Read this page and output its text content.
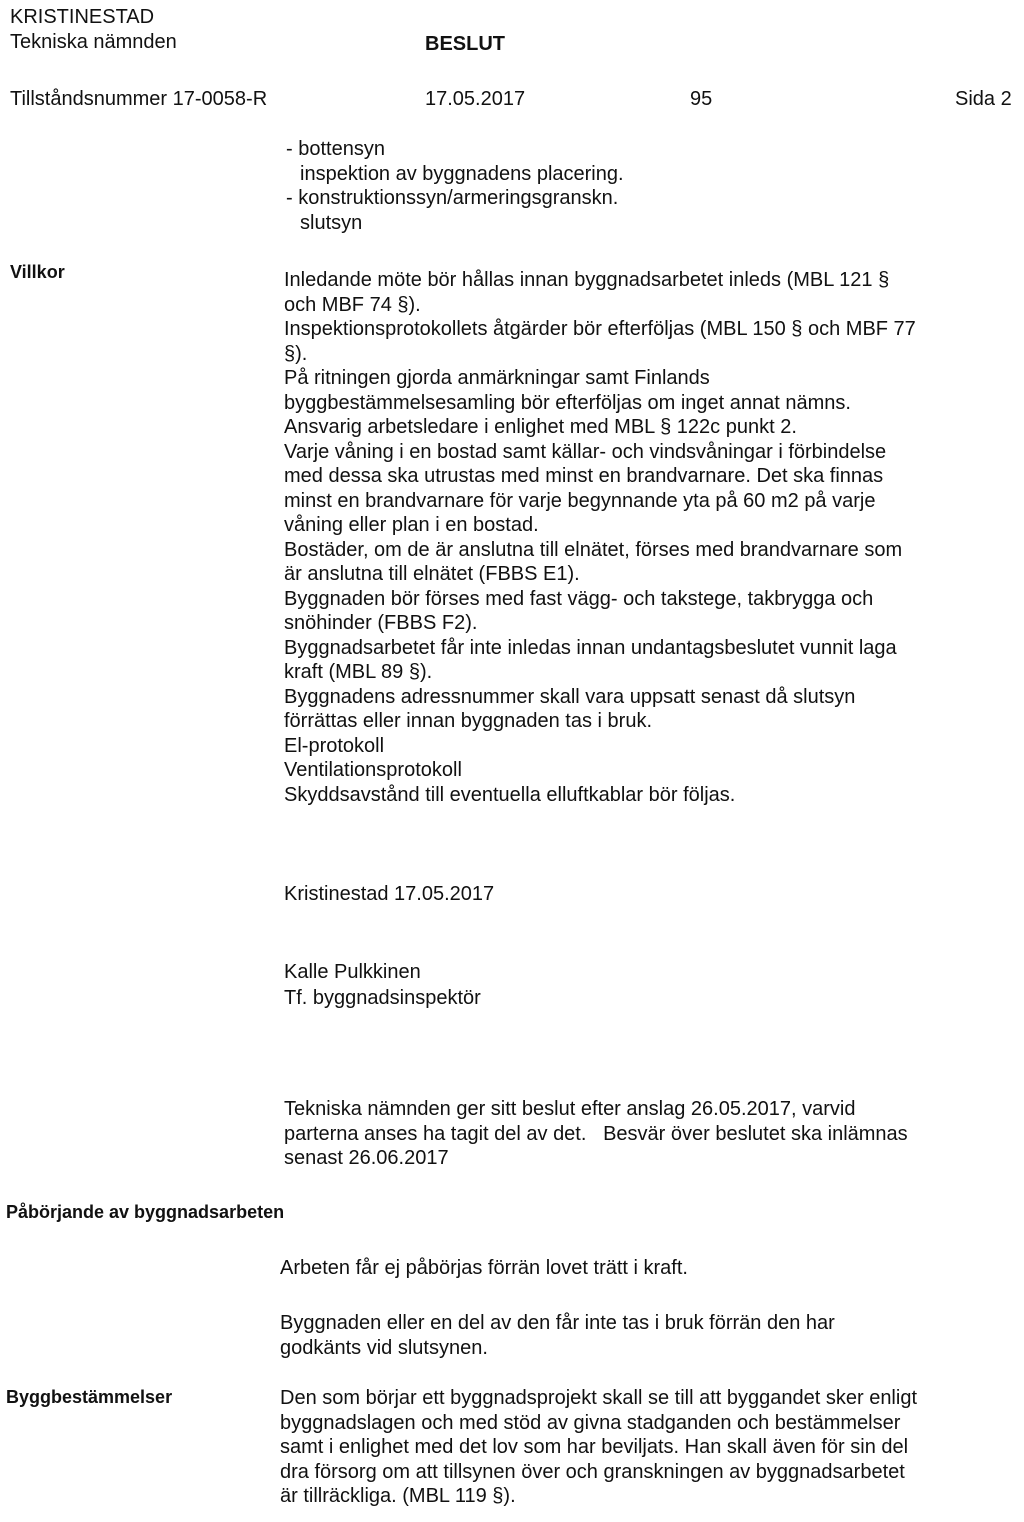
KRISTINESTAD
Tekniska nämnden	BESLUT
Tillståndsnummer 17-0058-R	17.05.2017	95	Sida 2
- bottensyn
inspektion av byggnadens placering.
- konstruktionssyn/armeringsgranskn.
slutsyn
Villkor	Inledande möte bör hållas innan byggnadsarbetet inleds (MBL 121 §
och MBF 74 §).
Inspektionsprotokollets åtgärder bör efterföljas (MBL 150 § och MBF 77
§).
På ritningen gjorda anmärkningar samt Finlands
byggbestämmelsesamling bör efterföljas om inget annat nämns.
Ansvarig arbetsledare i enlighet med MBL § 122c punkt 2.
Varje våning i en bostad samt källar- och vindsvåningar i förbindelse
med dessa ska utrustas med minst en brandvarnare. Det ska finnas
minst en brandvarnare för varje begynnande yta på 60 m2 på varje
våning eller plan i en bostad.
Bostäder, om de är anslutna till elnätet, förses med brandvarnare som
är anslutna till elnätet (FBBS E1).
Byggnaden bör förses med fast vägg- och takstege, takbrygga och
snöhinder (FBBS F2).
Byggnadsarbetet får inte inledas innan undantagsbeslutet vunnit laga
kraft (MBL 89 §).
Byggnadens adressnummer skall vara uppsatt senast då slutsyn
förrättas eller innan byggnaden tas i bruk.
El-protokoll
Ventilationsprotokoll
Skyddsavstånd till eventuella elluftkablar bör följas.
Kristinestad 17.05.2017
Kalle Pulkkinen
Tf. byggnadsinspektör
Tekniska nämnden ger sitt beslut efter anslag 26.05.2017, varvid
parterna anses ha tagit del av det.   Besvär över beslutet ska inlämnas
senast 26.06.2017
Påbörjande av byggnadsarbeten
Arbeten får ej påbörjas förrän lovet trätt i kraft.
Byggnaden eller en del av den får inte tas i bruk förrän den har
godkänts vid slutsynen.
Byggbestämmelser	Den som börjar ett byggnadsprojekt skall se till att byggandet sker enligt
byggnadslagen och med stöd av givna stadganden och bestämmelser
samt i enlighet med det lov som har beviljats. Han skall även för sin del
dra försorg om att tillsynen över och granskningen av byggnadsarbetet
är tillräckliga. (MBL 119 §).
